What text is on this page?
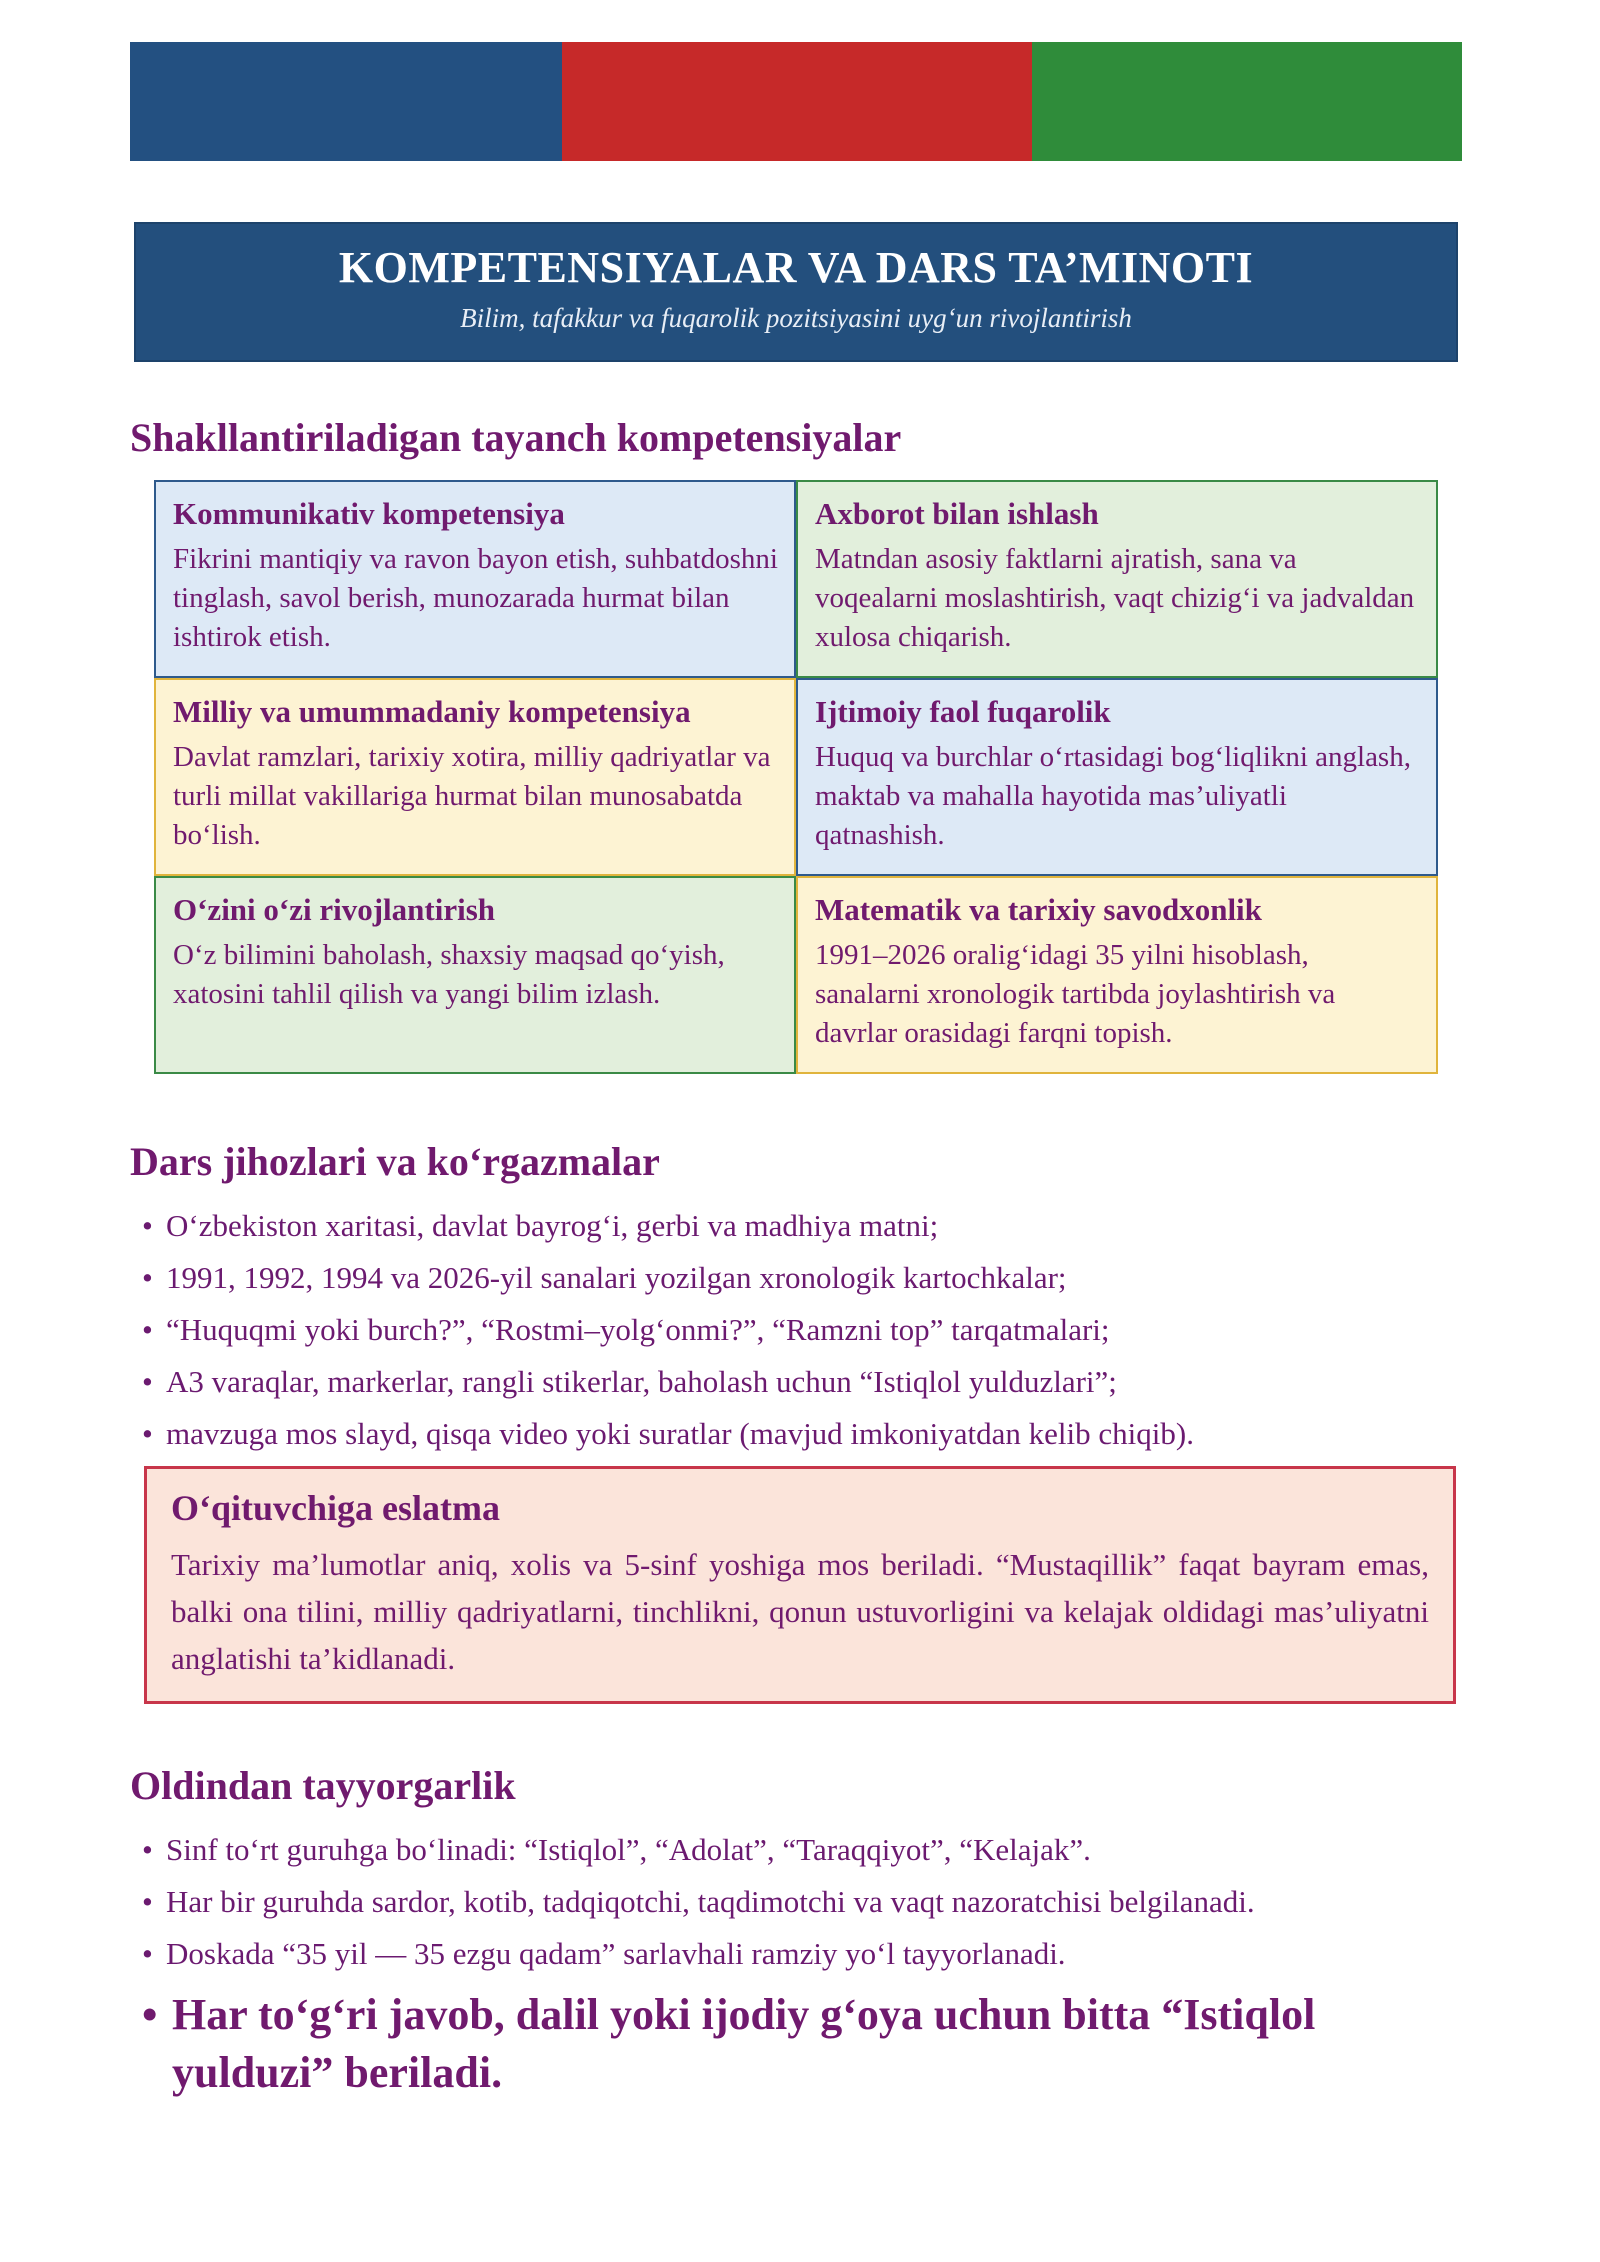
KOMPETENSIYALAR VA DARS TA’MINOTI
Bilim, tafakkur va fuqarolik pozitsiyasini uyg‘un rivojlantirish
Shakllantiriladigan tayanch kompetensiyalar
Kommunikativ kompetensiya
Fikrini mantiqiy va ravon bayon etish, suhbatdoshni tinglash, savol berish, munozarada hurmat bilan ishtirok etish.
Axborot bilan ishlash
Matndan asosiy faktlarni ajratish, sana va voqealarni moslashtirish, vaqt chizig‘i va jadvaldan xulosa chiqarish.
Milliy va umummadaniy kompetensiya
Davlat ramzlari, tarixiy xotira, milliy qadriyatlar va turli millat vakillariga hurmat bilan munosabatda bo‘lish.
Ijtimoiy faol fuqarolik
Huquq va burchlar o‘rtasidagi bog‘liqlikni anglash, maktab va mahalla hayotida mas’uliyatli qatnashish.
O‘zini o‘zi rivojlantirish
O‘z bilimini baholash, shaxsiy maqsad qo‘yish, xatosini tahlil qilish va yangi bilim izlash.
Matematik va tarixiy savodxonlik
1991–2026 oralig‘idagi 35 yilni hisoblash, sanalarni xronologik tartibda joylashtirish va davrlar orasidagi farqni topish.
Dars jihozlari va ko‘rgazmalar
• O‘zbekiston xaritasi, davlat bayrog‘i, gerbi va madhiya matni;
• 1991, 1992, 1994 va 2026-yil sanalari yozilgan xronologik kartochkalar;
• “Huquqmi yoki burch?”, “Rostmi–yolg‘onmi?”, “Ramzni top” tarqatmalari;
• A3 varaqlar, markerlar, rangli stikerlar, baholash uchun “Istiqlol yulduzlari”;
• mavzuga mos slayd, qisqa video yoki suratlar (mavjud imkoniyatdan kelib chiqib).
O‘qituvchiga eslatma
Tarixiy ma’lumotlar aniq, xolis va 5-sinf yoshiga mos beriladi. “Mustaqillik” faqat bayram emas, balki ona tilini, milliy qadriyatlarni, tinchlikni, qonun ustuvorligini va kelajak oldidagi mas’uliyatni anglatishi ta’kidlanadi.
Oldindan tayyorgarlik
• Sinf to‘rt guruhga bo‘linadi: “Istiqlol”, “Adolat”, “Taraqqiyot”, “Kelajak”.
• Har bir guruhda sardor, kotib, tadqiqotchi, taqdimotchi va vaqt nazoratchisi belgilanadi.
• Doskada “35 yil — 35 ezgu qadam” sarlavhali ramziy yo‘l tayyorlanadi.
• Har to‘g‘ri javob, dalil yoki ijodiy g‘oya uchun bitta “Istiqlol yulduzi” beriladi.
